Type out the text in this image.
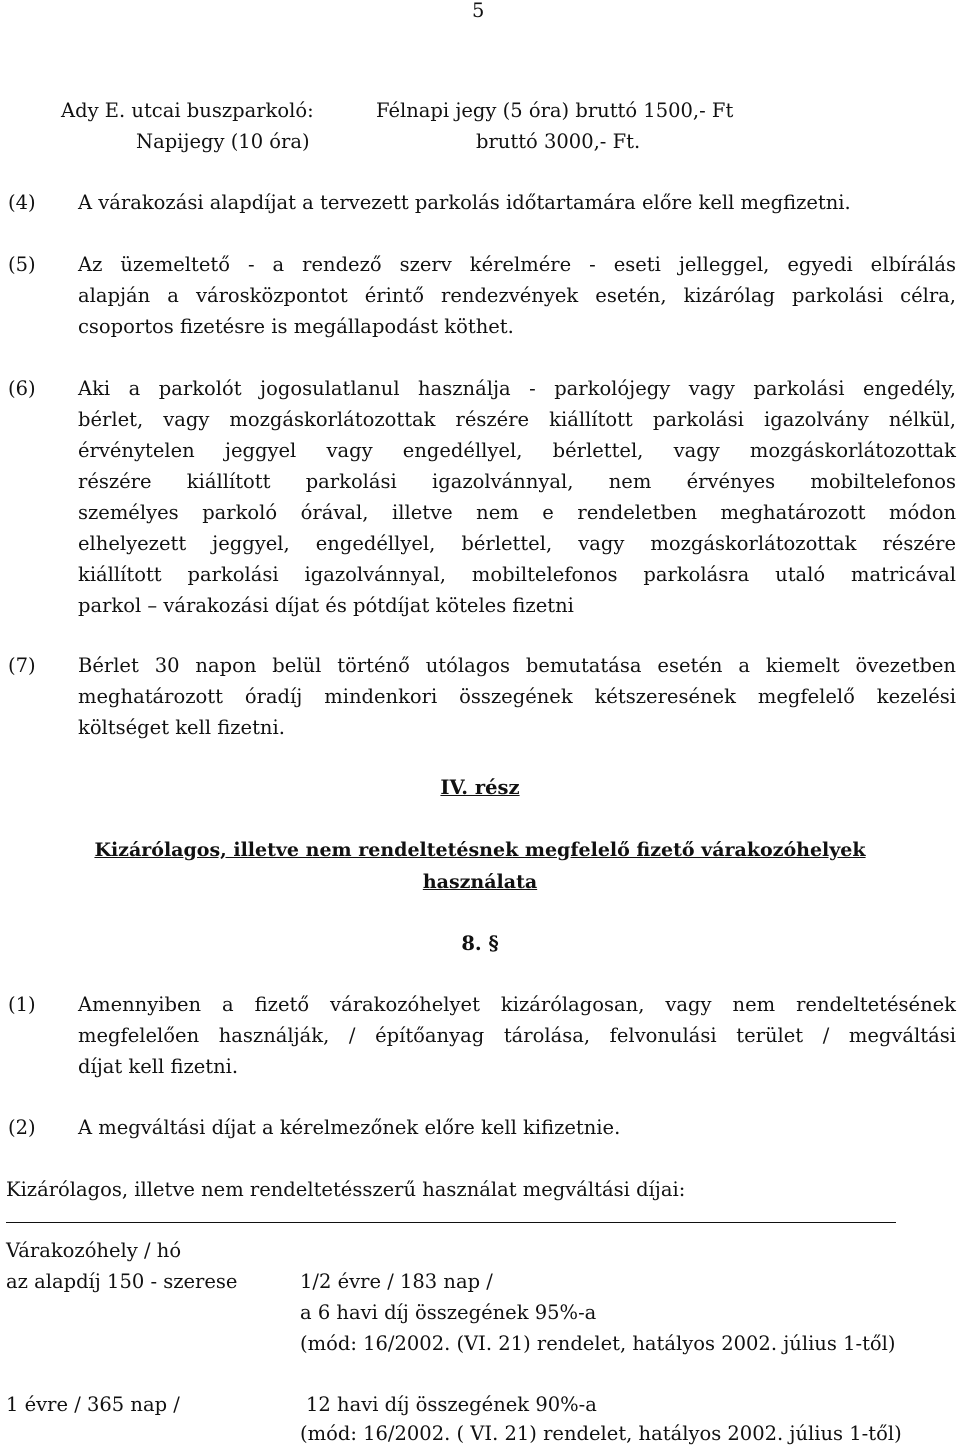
5
Ady E. utcai buszparkoló:	Félnapi jegy (5 óra) bruttó 1500,- Ft
Napijegy (10 óra)	bruttó 3000,- Ft.
(4) A várakozási alapdíjat a tervezett parkolás időtartamára előre kell megfizetni.

(5) Az üzemeltető - a rendező szerv kérelmére - eseti jelleggel, egyedi elbírálás

alapján a városközpontot érintő rendezvények esetén, kizárólag parkolási célra,

csoportos fizetésre is megállapodást köthet.

(6) Aki a parkolót jogosulatlanul használja - parkolójegy vagy parkolási engedély,

bérlet, vagy mozgáskorlátozottak részére kiállított parkolási igazolvány nélkül,

érvénytelen jeggyel vagy engedéllyel, bérlettel, vagy mozgáskorlátozottak

részére kiállított parkolási igazolvánnyal, nem érvényes mobiltelefonos

személyes parkoló órával, illetve nem e rendeletben meghatározott módon

elhelyezett jeggyel, engedéllyel, bérlettel, vagy mozgáskorlátozottak részére

kiállított parkolási igazolvánnyal, mobiltelefonos parkolásra utaló matricával

parkol – várakozási díjat és pótdíjat köteles fizetni

(7) Bérlet 30 napon belül történő utólagos bemutatása esetén a kiemelt övezetben

meghatározott óradíj mindenkori összegének kétszeresének megfelelő kezelési

költséget kell fizetni.

IV. rész
Kizárólagos, illetve nem rendeltetésnek megfelelő fizető várakozóhelyek
használata
8. §
(1) Amennyiben a fizető várakozóhelyet kizárólagosan, vagy nem rendeltetésének

megfelelően használják, / építőanyag tárolása, felvonulási terület / megváltási

díjat kell fizetni.

(2) A megváltási díjat a kérelmezőnek előre kell kifizetnie.

Kizárólagos, illetve nem rendeltetésszerű használat megváltási díjai:
Várakozóhely / hó
az alapdíj 150 - szerese	1/2 évre / 183 nap /
a 6 havi díj összegének 95%-a
(mód: 16/2002. (VI. 21) rendelet, hatályos 2002. július 1-től)
1 évre / 365 nap /	12 havi díj összegének 90%-a
(mód: 16/2002. ( VI. 21) rendelet, hatályos 2002. július 1-től)
